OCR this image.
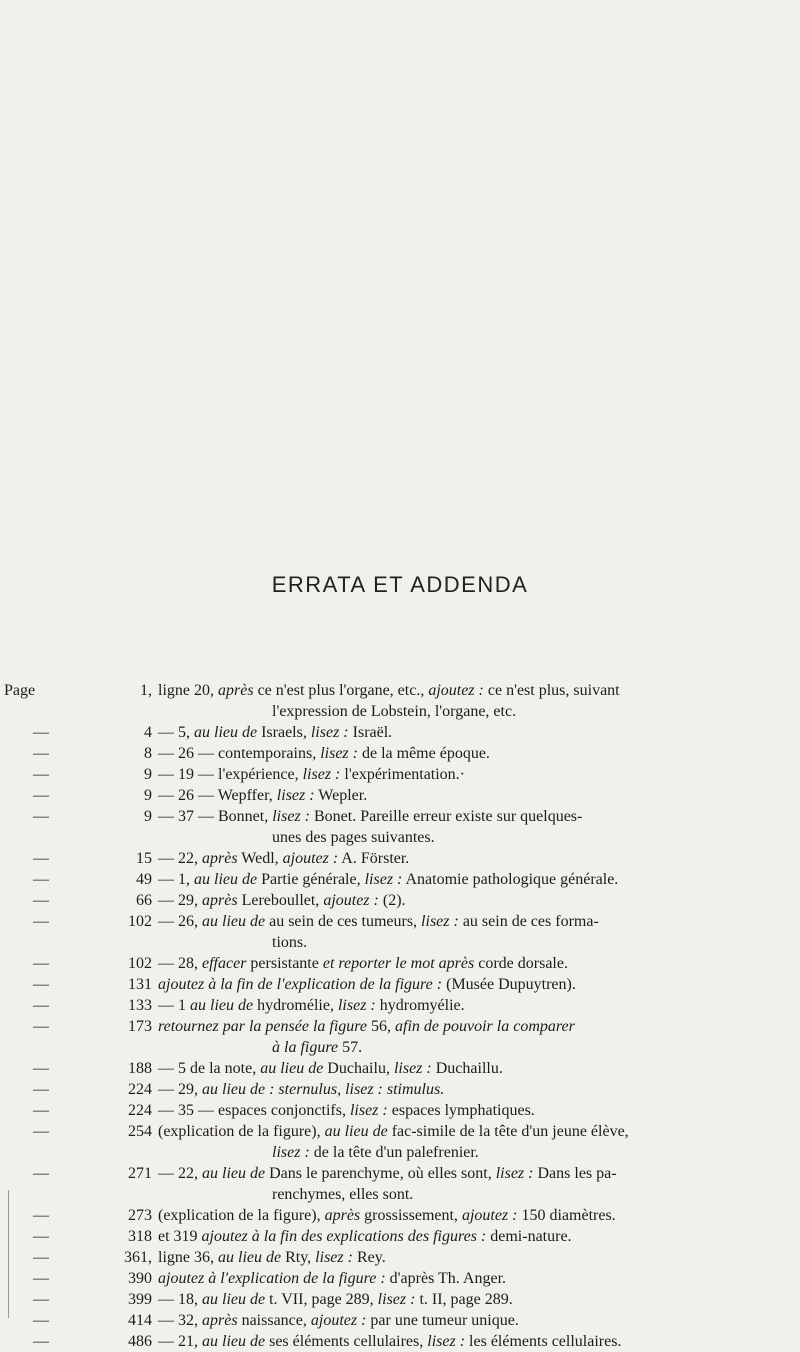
ERRATA ET ADDENDA
Page	1, ligne 20, après ce n'est plus l'organe, etc., ajoutez : ce n'est plus, suivant
l'expression de Lobstein, l'organe, etc.
—	4 — 5, au lieu de Israels, lisez : Israël.
—	8 — 26 — contemporains, lisez : de la même époque.
—	9 — 19 — l'expérience, lisez : l'expérimentation.·
—	9 — 26 — Wepffer, lisez : Wepler.
—	9 — 37 — Bonnet, lisez : Bonet. Pareille erreur existe sur quelques-
unes des pages suivantes.
—	15 — 22, après Wedl, ajoutez : A. Förster.
—	49 — 1, au lieu de Partie générale, lisez : Anatomie pathologique générale.
—	66 — 29, après Lereboullet, ajoutez : (2).
—	102 — 26, au lieu de au sein de ces tumeurs, lisez : au sein de ces forma-
tions.
—	102 — 28, effacer persistante et reporter le mot après corde dorsale.
—	131 ajoutez à la fin de l'explication de la figure : (Musée Dupuytren).
—	133 — 1 au lieu de hydromélie, lisez : hydromyélie.
—	173 retournez par la pensée la figure 56, afin de pouvoir la comparer
à la figure 57.
—	188 — 5 de la note, au lieu de Duchailu, lisez : Duchaillu.
—	224 — 29, au lieu de : sternulus, lisez : stimulus.
—	224 — 35 — espaces conjonctifs, lisez : espaces lymphatiques.
—	254 (explication de la figure), au lieu de fac-simile de la tête d'un jeune élève,
lisez : de la tête d'un palefrenier.
—	271 — 22, au lieu de Dans le parenchyme, où elles sont, lisez : Dans les pa-
renchymes, elles sont.
—	273 (explication de la figure), après grossissement, ajoutez : 150 diamètres.
—	318 et 319 ajoutez à la fin des explications des figures : demi-nature.
—	361, ligne 36, au lieu de Rty, lisez : Rey.
—	390 ajoutez à l'explication de la figure : d'après Th. Anger.
—	399 — 18, au lieu de t. VII, page 289, lisez : t. II, page 289.
—	414 — 32, après naissance, ajoutez : par une tumeur unique.
—	486 — 21, au lieu de ses éléments cellulaires, lisez : les éléments cellulaires.
